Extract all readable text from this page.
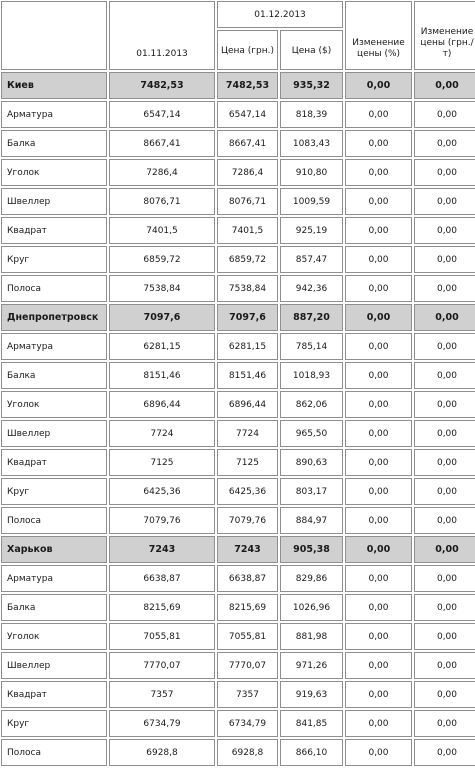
	01.11.2013	01.12.2013		Изменение цены (%)	Изменение цены (грн./т)
		Цена (грн.)	Цена ($)		
Киев	7482,53	7482,53	935,32	0,00	0,00
Арматура	6547,14	6547,14	818,39	0,00	0,00
Балка	8667,41	8667,41	1083,43	0,00	0,00
Уголок	7286,4	7286,4	910,80	0,00	0,00
Швеллер	8076,71	8076,71	1009,59	0,00	0,00
Квадрат	7401,5	7401,5	925,19	0,00	0,00
Круг	6859,72	6859,72	857,47	0,00	0,00
Полоса	7538,84	7538,84	942,36	0,00	0,00
Днепропетровск	7097,6	7097,6	887,20	0,00	0,00
Арматура	6281,15	6281,15	785,14	0,00	0,00
Балка	8151,46	8151,46	1018,93	0,00	0,00
Уголок	6896,44	6896,44	862,06	0,00	0,00
Швеллер	7724	7724	965,50	0,00	0,00
Квадрат	7125	7125	890,63	0,00	0,00
Круг	6425,36	6425,36	803,17	0,00	0,00
Полоса	7079,76	7079,76	884,97	0,00	0,00
Харьков	7243	7243	905,38	0,00	0,00
Арматура	6638,87	6638,87	829,86	0,00	0,00
Балка	8215,69	8215,69	1026,96	0,00	0,00
Уголок	7055,81	7055,81	881,98	0,00	0,00
Швеллер	7770,07	7770,07	971,26	0,00	0,00
Квадрат	7357	7357	919,63	0,00	0,00
Круг	6734,79	6734,79	841,85	0,00	0,00
Полоса	6928,8	6928,8	866,10	0,00	0,00
